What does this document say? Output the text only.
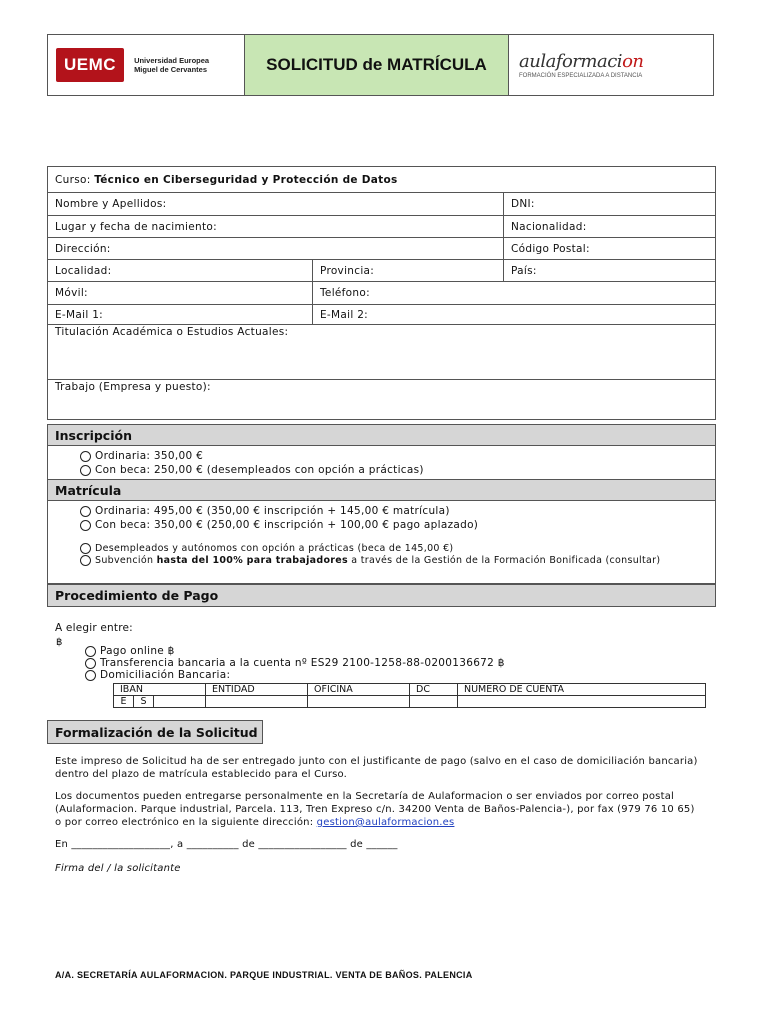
UEMC	Universidad Europea
Miguel de Cervantes	SOLICITUD de MATRÍCULA aulaformacion
FORMACIÓN ESPECIALIZADA A DISTANCIA
Curso:
Técnico en Ciberseguridad y Protección de Datos
Nombre y Apellidos:	DNI:
Lugar y fecha de nacimiento:	Nacionalidad:
Dirección:	Código Postal:
Localidad:	Provincia:	País:
Móvil:	Teléfono:
E-Mail 1:	E-Mail 2:
Titulación Académica o Estudios Actuales:
Trabajo (Empresa y puesto):
Inscripción
Ordinaria: 350,00 €
Con beca: 250,00 € (desempleados con opción a prácticas)
Matrícula
Ordinaria: 495,00 € (350,00 € inscripción + 145,00 € matrícula)
Con beca: 350,00 € (250,00 € inscripción + 100,00 € pago aplazado)
Desempleados y autónomos con opción a prácticas (beca de 145,00 €)
Subvención hasta del 100% para trabajadores a través de la Gestión de la Formación Bonificada (consultar)
Procedimiento de Pago
A elegir entre:
฿
Pago online ฿
Transferencia bancaria a la cuenta nº ES29 2100-1258-88-0200136672 ฿
Domiciliación Bancaria:
IBAN	ENTIDAD	OFICINA	DC	NUMERO DE CUENTA
E S				
Formalización de la Solicitud
Este impreso de Solicitud ha de ser entregado junto con el justificante de pago (salvo en el caso de domiciliación bancaria)
dentro del plazo de matrícula establecido para el Curso.
Los documentos pueden entregarse personalmente en la Secretaría de Aulaformacion o ser enviados por correo postal
(Aulaformacion. Parque industrial, Parcela. 113, Tren Expreso c/n. 34200 Venta de Baños-Palencia-), por fax (979 76 10 65)
o por correo electrónico en la siguiente dirección: gestion@aulaformacion.es
En ___________________, a __________ de _________________ de ______
Firma del / la solicitante
A/A. SECRETARÍA AULAFORMACION. PARQUE INDUSTRIAL. VENTA DE BAÑOS. PALENCIA
